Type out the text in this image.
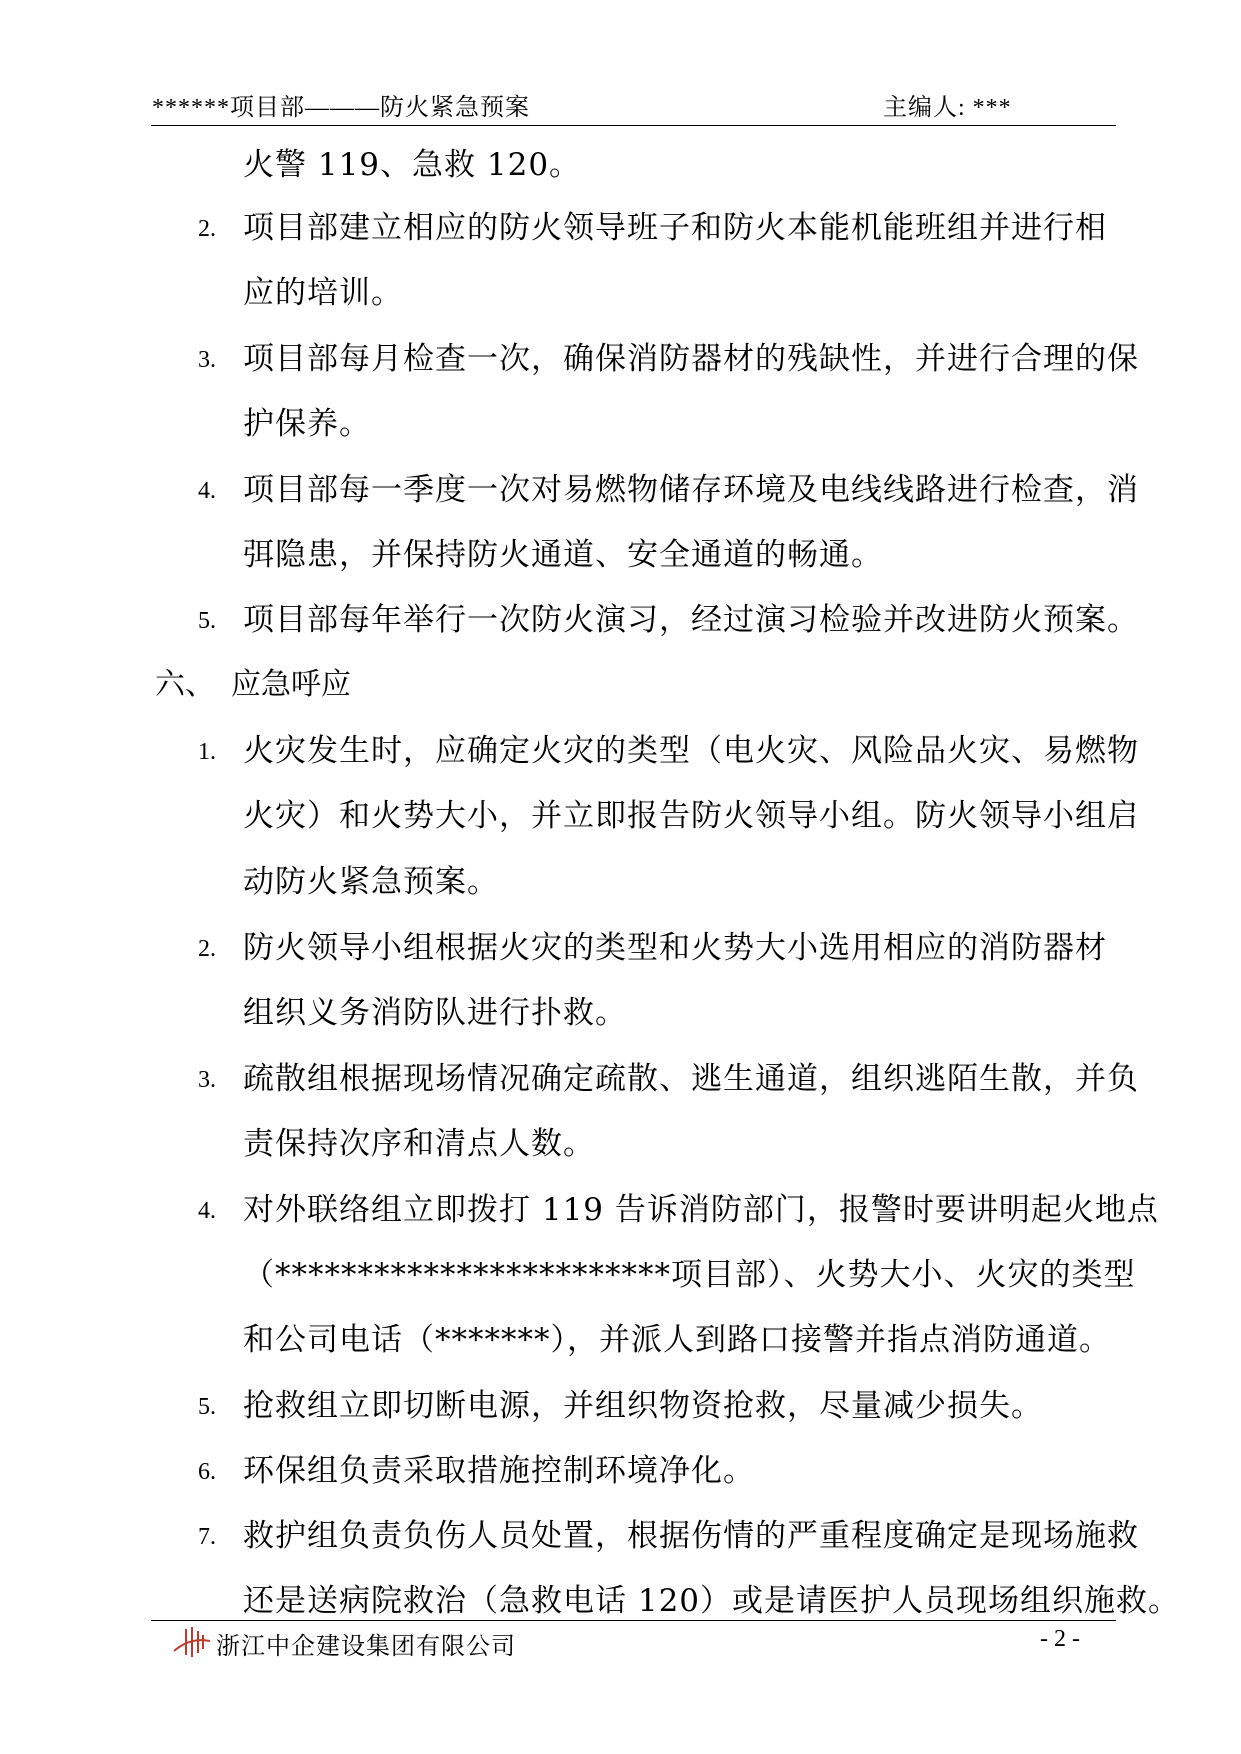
******项目部———防火紧急预案	主编人: ***
火警 119、急救 120。
2. 项目部建立相应的防火领导班子和防火本能机能班组并进行相
应的培训。
3. 项目部每月检查一次，确保消防器材的残缺性，并进行合理的保
护保养。
4. 项目部每一季度一次对易燃物储存环境及电线线路进行检查，消
弭隐患，并保持防火通道、安全通道的畅通。
5. 项目部每年举行一次防火演习，经过演习检验并改进防火预案。
六、 应急呼应
1. 火灾发生时，应确定火灾的类型（电火灾、风险品火灾、易燃物
火灾）和火势大小，并立即报告防火领导小组。防火领导小组启
动防火紧急预案。
2. 防火领导小组根据火灾的类型和火势大小选用相应的消防器材
组织义务消防队进行扑救。
3. 疏散组根据现场情况确定疏散、逃生通道，组织逃陌生散，并负
责保持次序和清点人数。
4. 对外联络组立即拨打 119 告诉消防部门，报警时要讲明起火地点
（************************项目部）、火势大小、火灾的类型
和公司电话（*******），并派人到路口接警并指点消防通道。
5. 抢救组立即切断电源，并组织物资抢救，尽量减少损失。
6. 环保组负责采取措施控制环境净化。
7. 救护组负责负伤人员处置，根据伤情的严重程度确定是现场施救
还是送病院救治（急救电话 120）或是请医护人员现场组织施救。
浙江中企建设集团有限公司	- 2 -
